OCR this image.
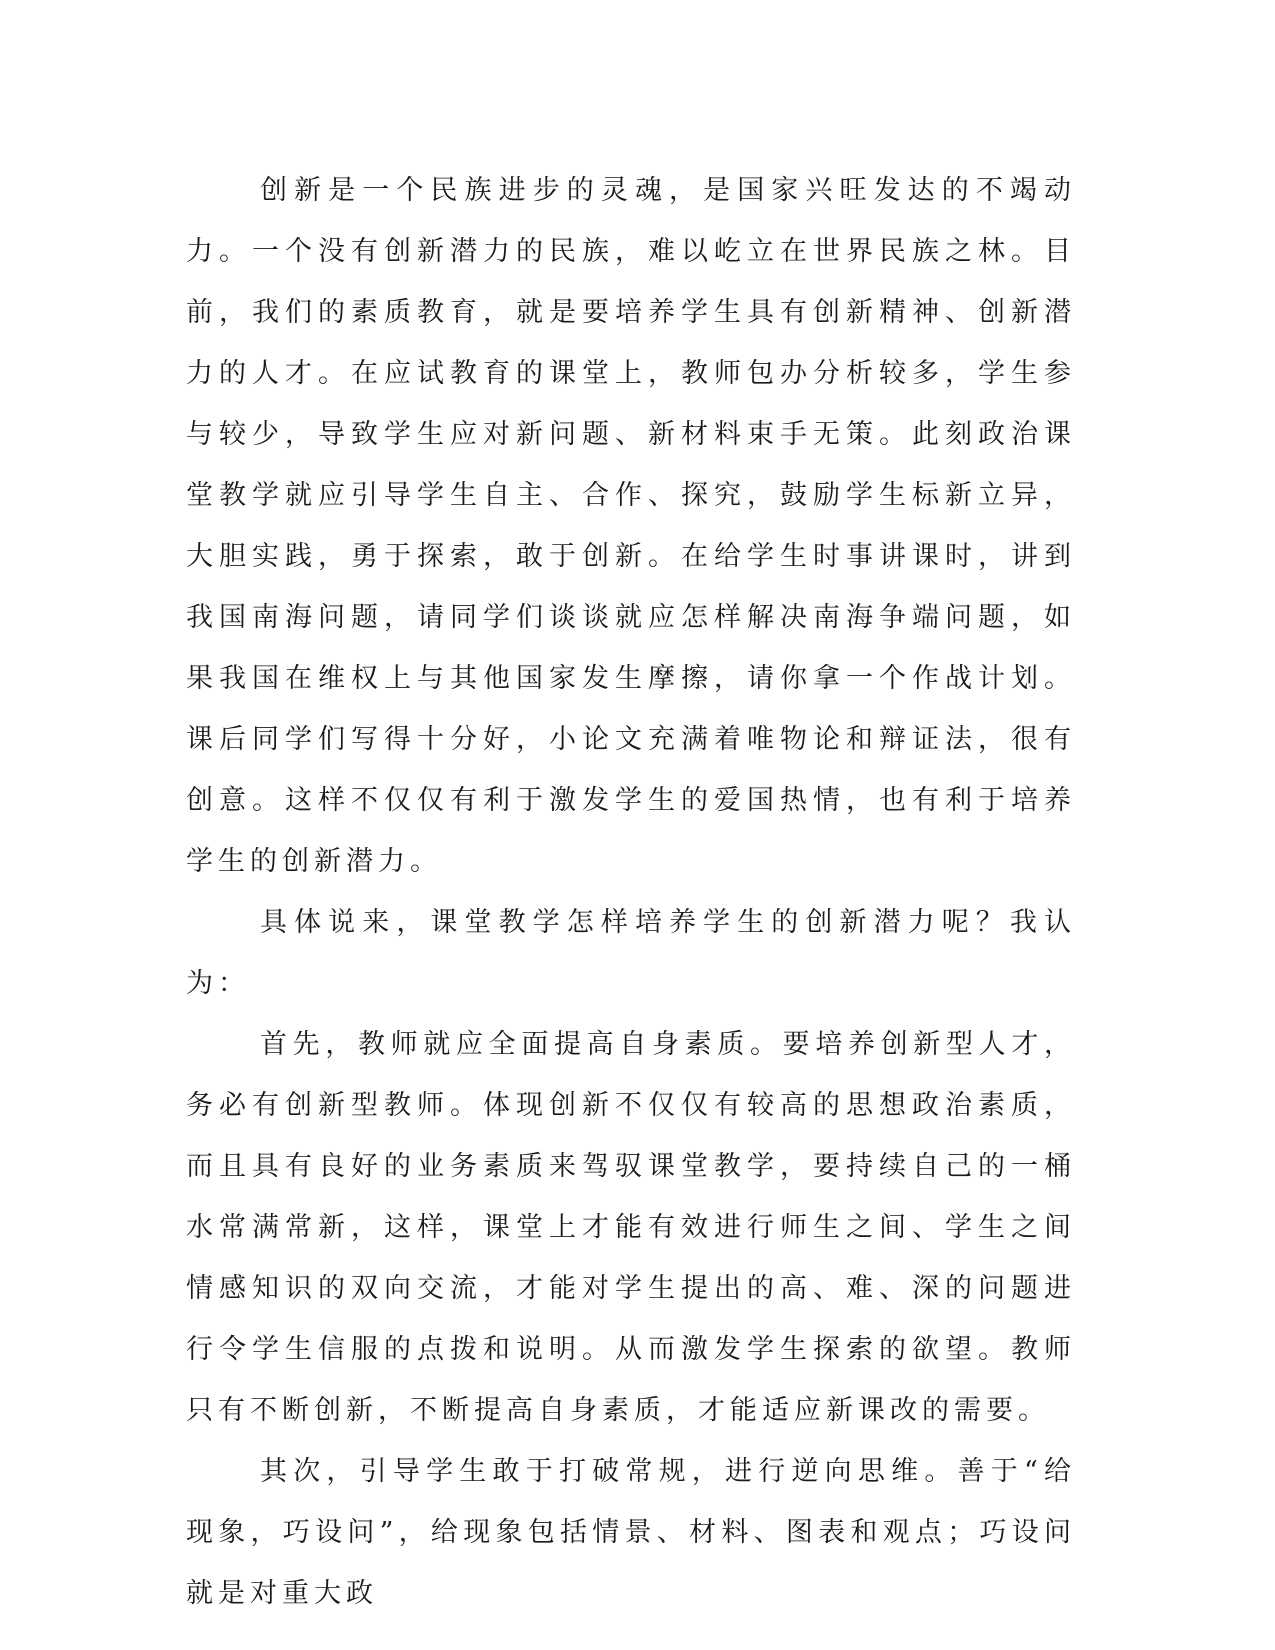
创新是一个民族进步的灵魂，是国家兴旺发达的不竭动力。一个没有创新潜力的民族，难以屹立在世界民族之林。目前，我们的素质教育，就是要培养学生具有创新精神、创新潜力的人才。在应试教育的课堂上，教师包办分析较多，学生参与较少，导致学生应对新问题、新材料束手无策。此刻政治课堂教学就应引导学生自主、合作、探究，鼓励学生标新立异，大胆实践，勇于探索，敢于创新。在给学生时事讲课时，讲到我国南海问题，请同学们谈谈就应怎样解决南海争端问题，如果我国在维权上与其他国家发生摩擦，请你拿一个作战计划。课后同学们写得十分好，小论文充满着唯物论和辩证法，很有创意。这样不仅仅有利于激发学生的爱国热情，也有利于培养学生的创新潜力。

具体说来，课堂教学怎样培养学生的创新潜力呢？我认为：

首先，教师就应全面提高自身素质。要培养创新型人才，务必有创新型教师。体现创新不仅仅有较高的思想政治素质，而且具有良好的业务素质来驾驭课堂教学，要持续自己的一桶水常满常新，这样，课堂上才能有效进行师生之间、学生之间情感知识的双向交流，才能对学生提出的高、难、深的问题进行令学生信服的点拨和说明。从而激发学生探索的欲望。教师只有不断创新，不断提高自身素质，才能适应新课改的需要。

其次，引导学生敢于打破常规，进行逆向思维。善于“给现象，巧设问”，给现象包括情景、材料、图表和观点；巧设问就是对重大政
